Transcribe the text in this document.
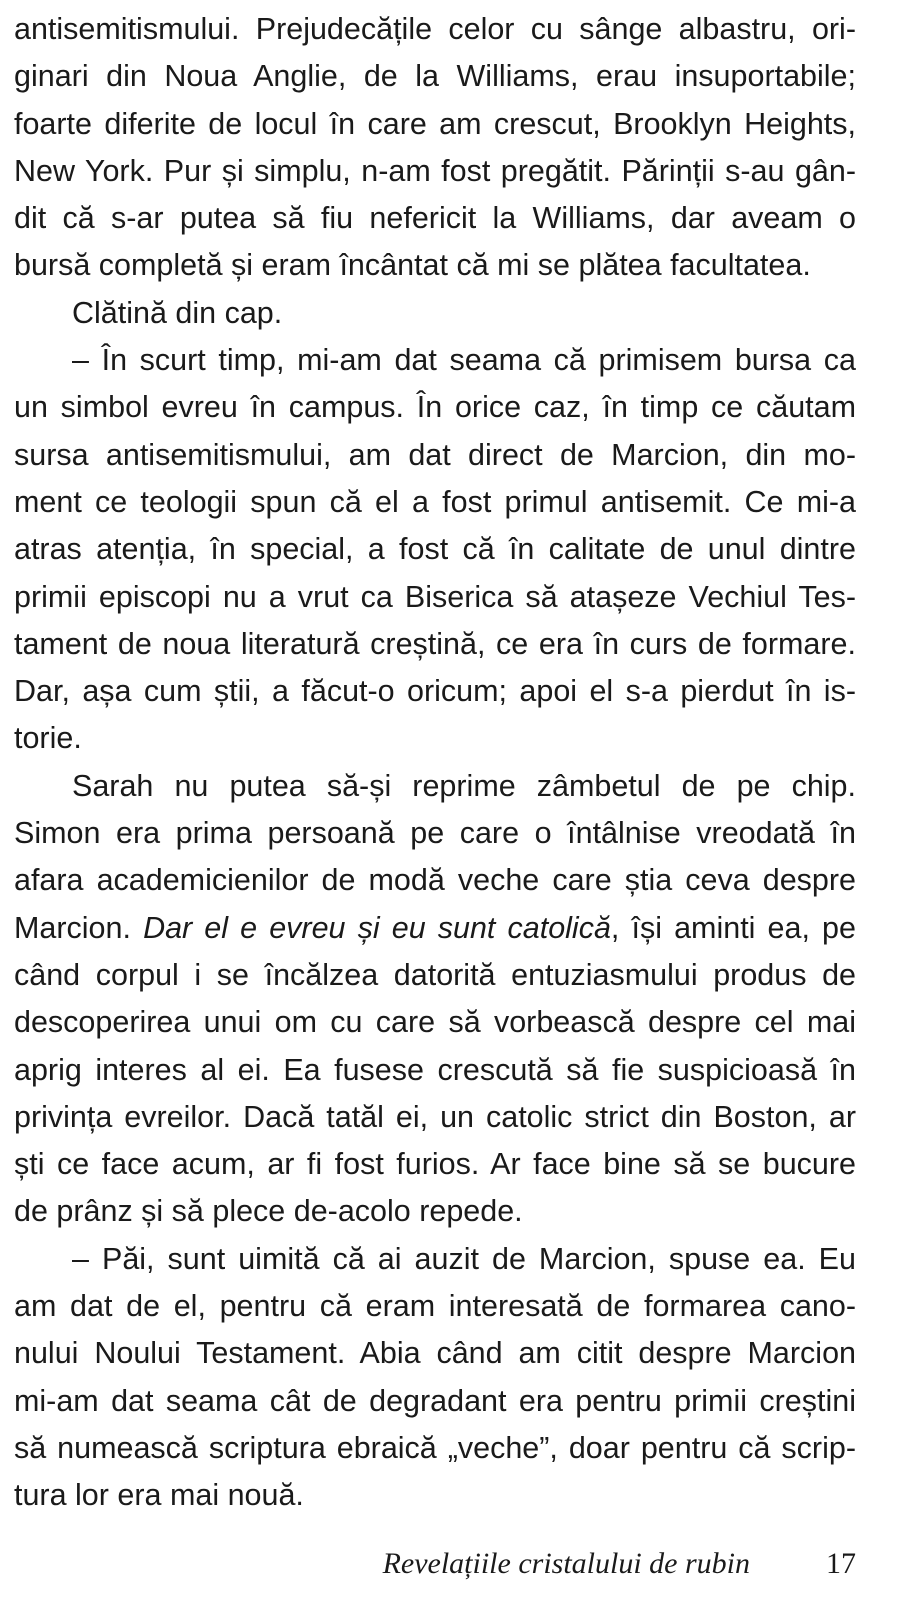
antisemitismului. Prejudecățile celor cu sânge albastru, ori-
ginari din Noua Anglie, de la Williams, erau insuportabile;
foarte diferite de locul în care am crescut, Brooklyn Heights,
New York. Pur și simplu, n-am fost pregătit. Părinții s-au gân-
dit că s-ar putea să fiu nefericit la Williams, dar aveam o
bursă completă și eram încântat că mi se plătea facultatea.
Clătină din cap.
– În scurt timp, mi-am dat seama că primisem bursa ca
un simbol evreu în campus. În orice caz, în timp ce căutam
sursa antisemitismului, am dat direct de Marcion, din mo-
ment ce teologii spun că el a fost primul antisemit. Ce mi-a
atras atenția, în special, a fost că în calitate de unul dintre
primii episcopi nu a vrut ca Biserica să atașeze Vechiul Tes-
tament de noua literatură creștină, ce era în curs de formare.
Dar, așa cum știi, a făcut-o oricum; apoi el s-a pierdut în is-
torie.
Sarah nu putea să-și reprime zâmbetul de pe chip.
Simon era prima persoană pe care o întâlnise vreodată în
afara academicienilor de modă veche care știa ceva despre
Marcion. Dar el e evreu și eu sunt catolică, își aminti ea, pe
când corpul i se încălzea datorită entuziasmului produs de
descoperirea unui om cu care să vorbească despre cel mai
aprig interes al ei. Ea fusese crescută să fie suspicioasă în
privința evreilor. Dacă tatăl ei, un catolic strict din Boston, ar
ști ce face acum, ar fi fost furios. Ar face bine să se bucure
de prânz și să plece de-acolo repede.
– Păi, sunt uimită că ai auzit de Marcion, spuse ea. Eu
am dat de el, pentru că eram interesată de formarea cano-
nului Noului Testament. Abia când am citit despre Marcion
mi-am dat seama cât de degradant era pentru primii creștini
să numească scriptura ebraică „veche”, doar pentru că scrip-
tura lor era mai nouă.
Revelațiile cristalului de rubin	17
